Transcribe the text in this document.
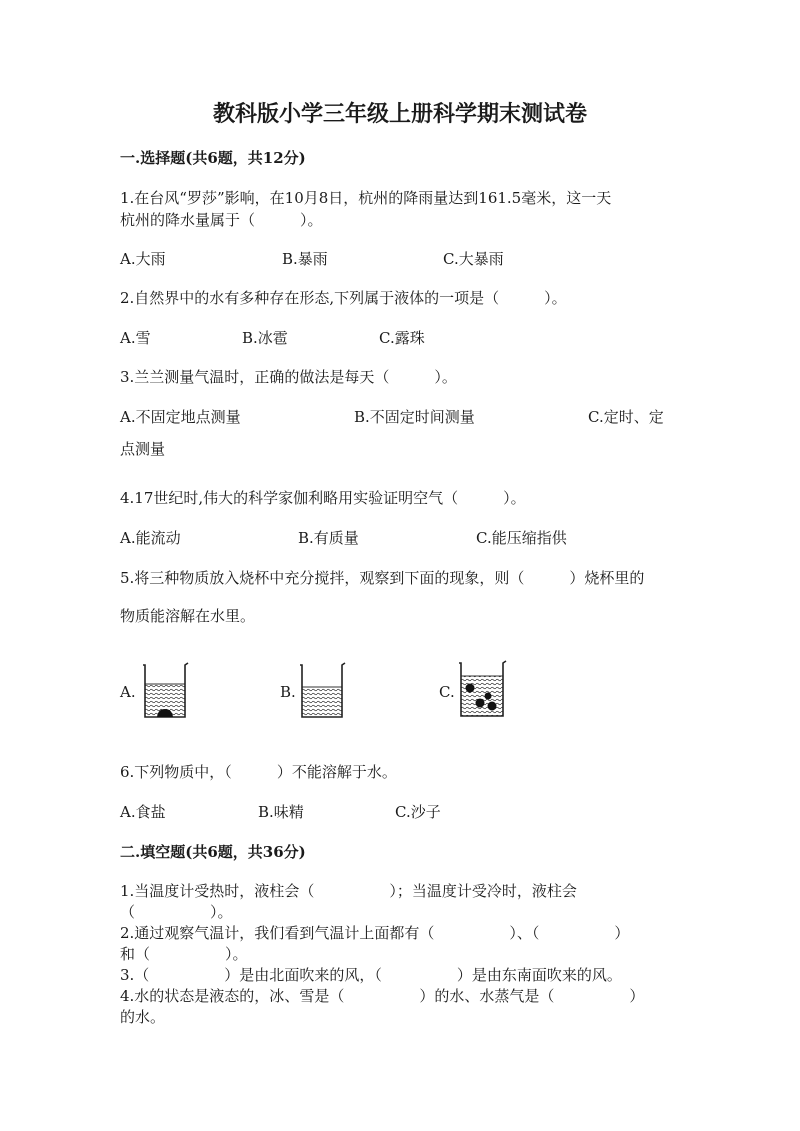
教科版小学三年级上册科学期末测试卷
一.选择题(共6题，共12分)
1.在台风“罗莎”影响，在10月8日，杭州的降雨量达到161.5毫米，这一天
杭州的降水量属于（　　　）。
A.大雨	B.暴雨	C.大暴雨
2.自然界中的水有多种存在形态,下列属于液体的一项是（　　　）。
A.雪	B.冰雹	C.露珠
3.兰兰测量气温时，正确的做法是每天（　　　）。
A.不固定地点测量	B.不固定时间测量	C.定时、定
点测量
4.17世纪时,伟大的科学家伽利略用实验证明空气（　　　）。
A.能流动	B.有质量	C.能压缩指供
5.将三种物质放入烧杯中充分搅拌，观察到下面的现象，则（　　　）烧杯里的
物质能溶解在水里。
A.	B.	C.
6.下列物质中，（　　　）不能溶解于水。
A.食盐	B.味精	C.沙子
二.填空题(共6题，共36分)
1.当温度计受热时，液柱会（　　　　　）；当温度计受冷时，液柱会
（　　　　　）。
2.通过观察气温计，我们看到气温计上面都有（　　　　　）、（　　　　　）
和（　　　　　）。
3.（　　　　　）是由北面吹来的风，（　　　　　）是由东南面吹来的风。
4.水的状态是液态的，冰、雪是（　　　　　）的水、水蒸气是（　　　　　）
的水。
